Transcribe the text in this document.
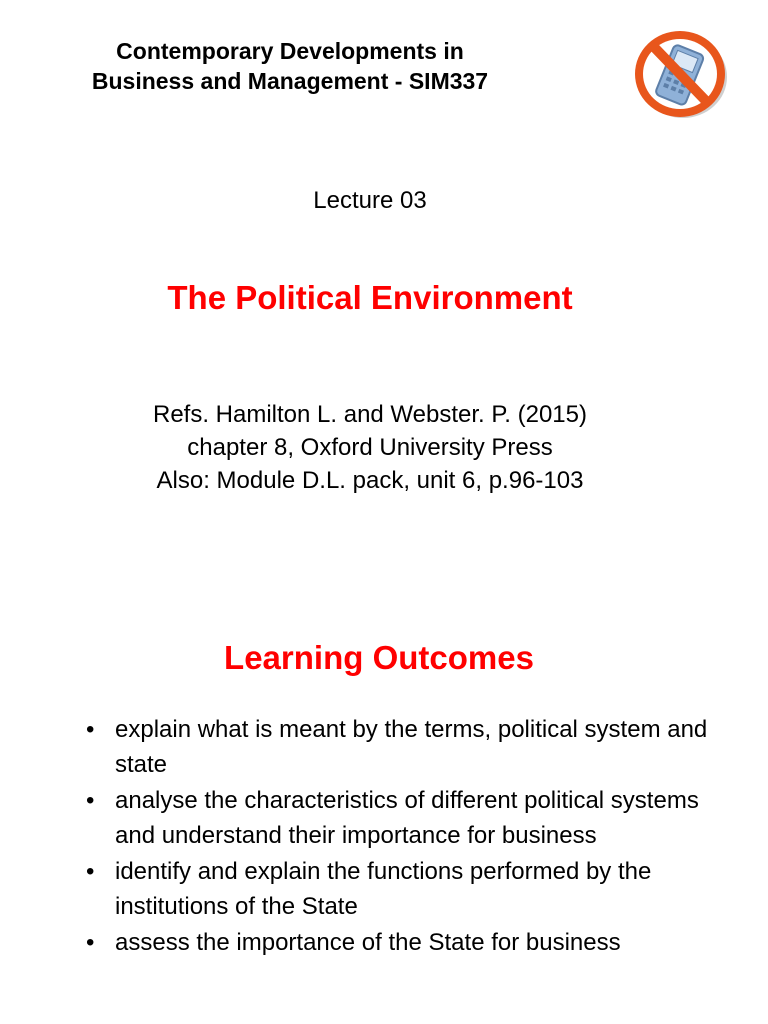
Contemporary Developments in
Business and Management - SIM337
Lecture 03
The Political Environment
Refs. Hamilton L. and Webster. P. (2015)
chapter 8, Oxford University Press
Also: Module D.L. pack, unit 6, p.96-103
Learning Outcomes
• explain what is meant by the terms, political system and state
• analyse the characteristics of different political systems and understand their importance for business
• identify and explain the functions performed by the institutions of the State
• assess the importance of the State for business
